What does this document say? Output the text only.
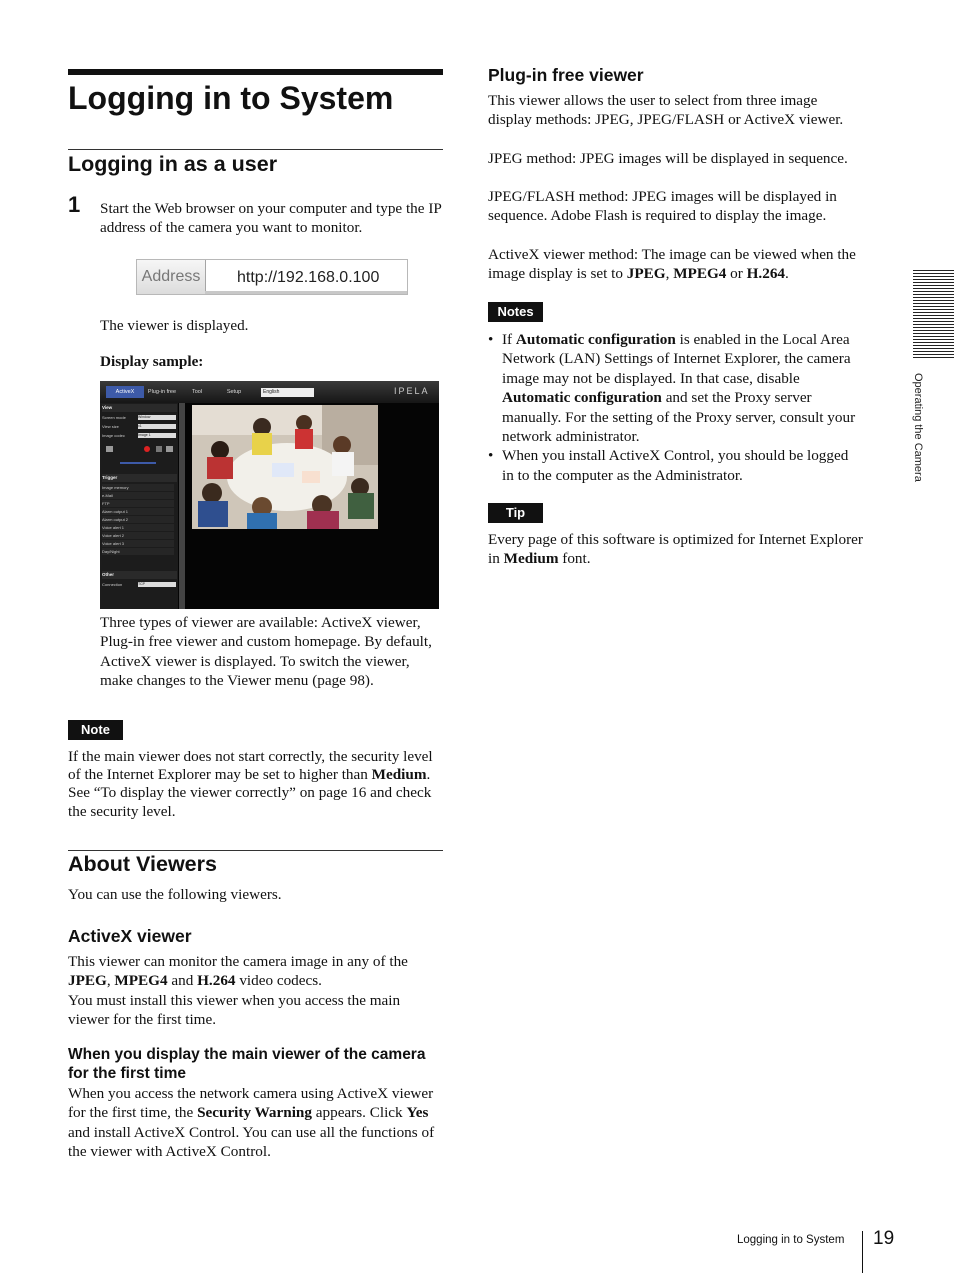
Logging in to System
Logging in as a user
1 Start the Web browser on your computer and type the IP address of the camera you want to monitor.

Address	http://192.168.0.100

The viewer is displayed.

Display sample:

ActiveX	Plug-in free	Tool	Setup	English	IPELA
View
Screen mode	Window
View size	x1
Image codec	Image 1
Trigger
Image memory
e-Mail
FTP
Alarm output 1
Alarm output 2
Voice alert 1
Voice alert 2
Voice alert 3
Day/Night
Other
Connection	TCP

Three types of viewer are available: ActiveX viewer, Plug-in free viewer and custom homepage. By default, ActiveX viewer is displayed. To switch the viewer, make changes to the Viewer menu (page 98).

Note

If the main viewer does not start correctly, the security level of the Internet Explorer may be set to higher than Medium. See “To display the viewer correctly” on page 16 and check the security level.

About Viewers

You can use the following viewers.

ActiveX viewer

This viewer can monitor the camera image in any of the JPEG, MPEG4 and H.264 video codecs.

You must install this viewer when you access the main viewer for the first time.

When you display the main viewer of the camera for the first time

When you access the network camera using ActiveX viewer for the first time, the Security Warning appears. Click Yes and install ActiveX Control. You can use all the functions of the viewer with ActiveX Control.

Plug-in free viewer

This viewer allows the user to select from three image display methods: JPEG, JPEG/FLASH or ActiveX viewer.

JPEG method: JPEG images will be displayed in sequence.

JPEG/FLASH method: JPEG images will be displayed in sequence. Adobe Flash is required to display the image.

ActiveX viewer method: The image can be viewed when the image display is set to JPEG, MPEG4 or H.264.

Notes
• If Automatic configuration is enabled in the Local Area Network (LAN) Settings of Internet Explorer, the camera image may not be displayed. In that case, disable Automatic configuration and set the Proxy server manually. For the setting of the Proxy server, consult your network administrator.
• When you install ActiveX Control, you should be logged in to the computer as the Administrator.
Tip

Every page of this software is optimized for Internet Explorer in Medium font.

Operating the Camera
Logging in to System 19
